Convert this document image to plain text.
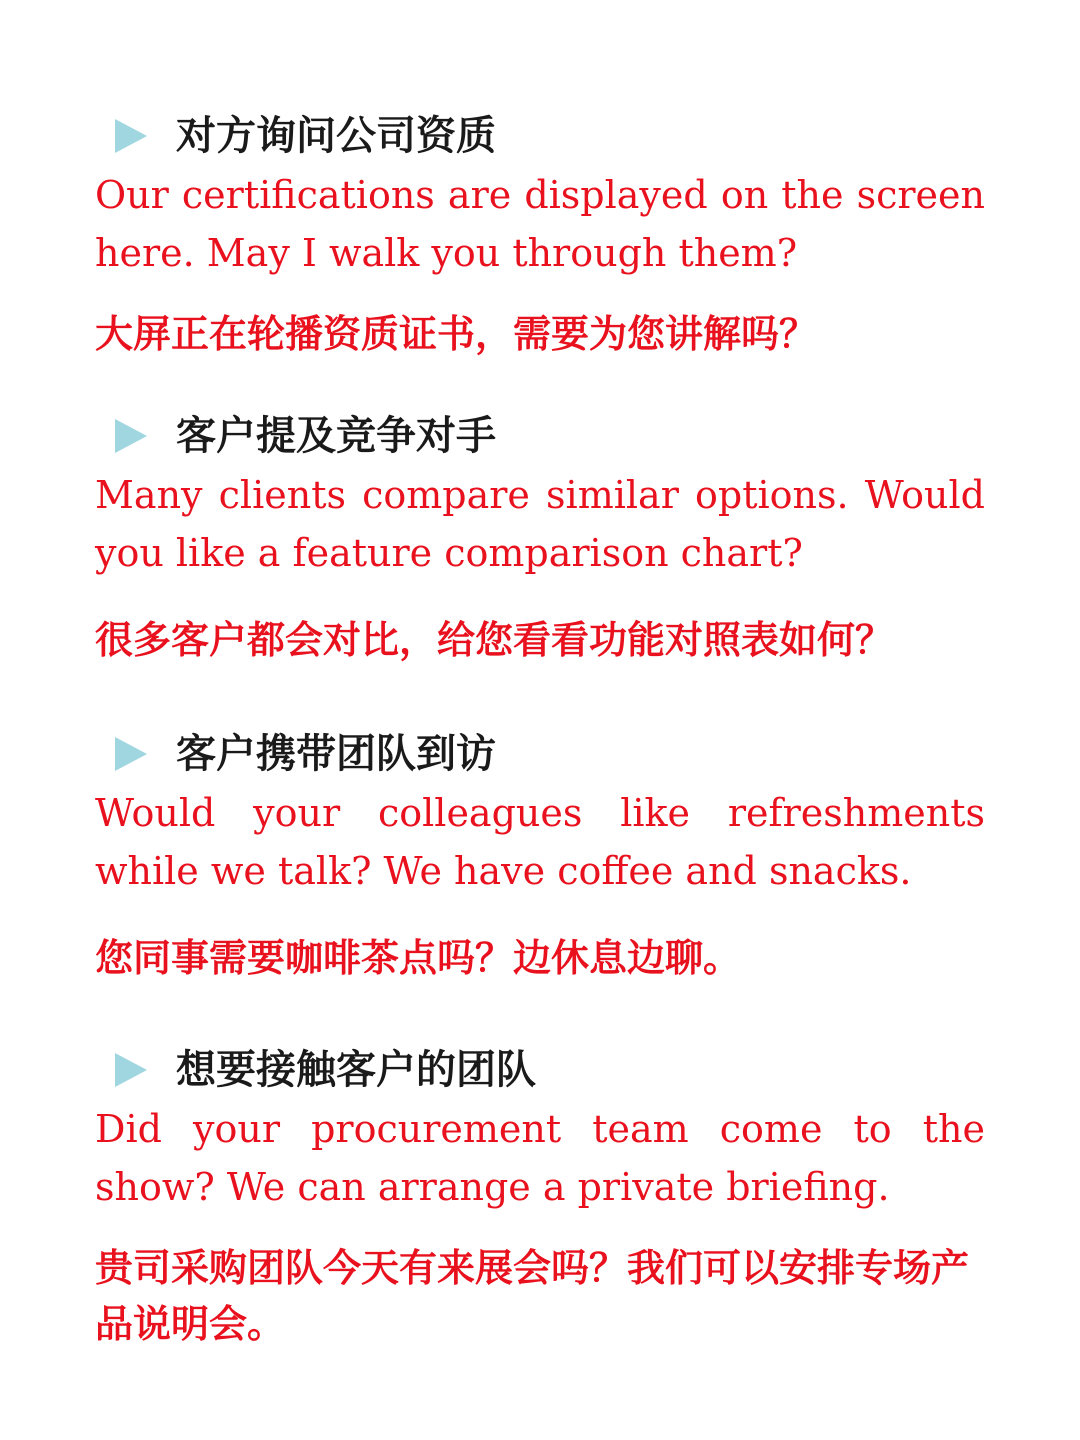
对方询问公司资质

Our certifications are displayed on the screen here. May I walk you through them?

大屏正在轮播资质证书，需要为您讲解吗？

客户提及竞争对手

Many clients compare similar options. Would you like a feature comparison chart?

很多客户都会对比，给您看看功能对照表如何？

客户携带团队到访

Would your colleagues like refreshments while we talk? We have coffee and snacks.

您同事需要咖啡茶点吗？边休息边聊。

想要接触客户的团队

Did your procurement team come to the show? We can arrange a private briefing.

贵司采购团队今天有来展会吗？我们可以安排专场产品说明会。
